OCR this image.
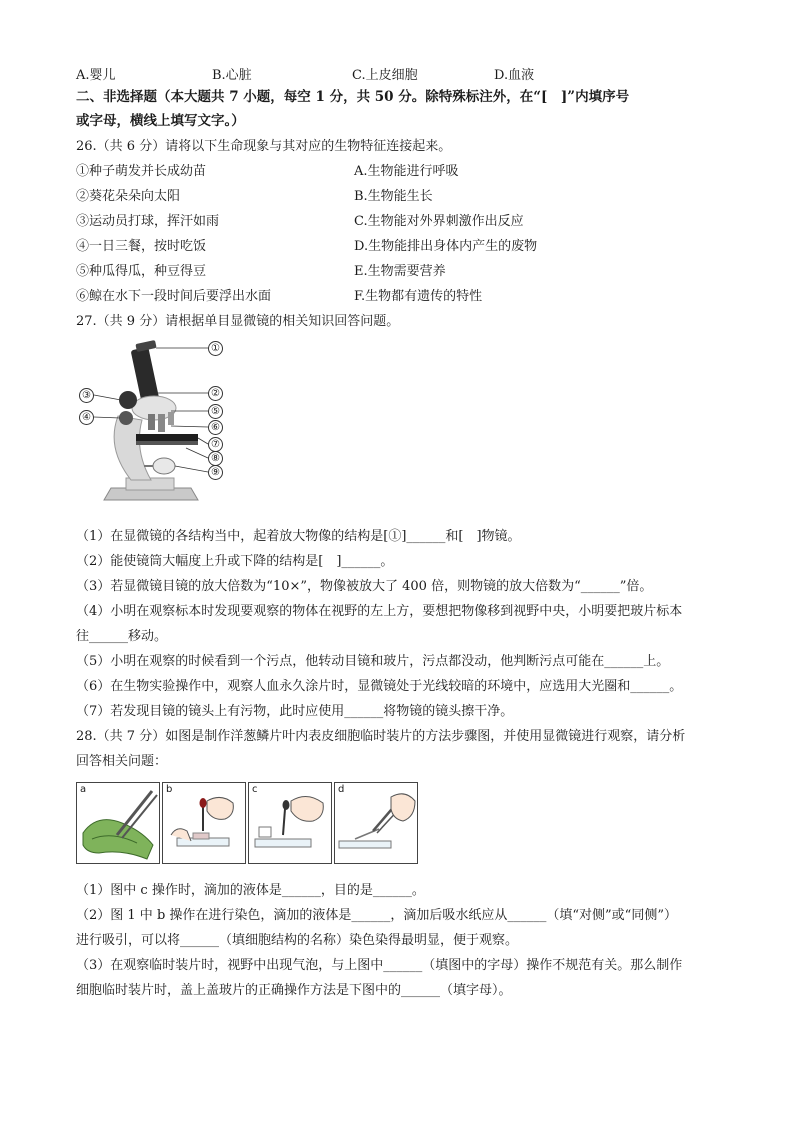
A.婴儿	B.心脏	C.上皮细胞	D.血液
二、非选择题（本大题共 7 小题，每空 1 分，共 50 分。除特殊标注外，在“[　]”内填序号
或字母，横线上填写文字。）
26.（共 6 分）请将以下生命现象与其对应的生物特征连接起来。
①种子萌发并长成幼苗	A.生物能进行呼吸
②葵花朵朵向太阳	B.生物能生长
③运动员打球，挥汗如雨	C.生物能对外界刺激作出反应
④一日三餐，按时吃饭	D.生物能排出身体内产生的废物
⑤种瓜得瓜，种豆得豆	E.生物需要营养
⑥鲸在水下一段时间后要浮出水面	F.生物都有遗传的特性
27.（共 9 分）请根据单目显微镜的相关知识回答问题。
①
②
③
④
⑤
⑥
⑦
⑧
⑨
（1）在显微镜的各结构当中，起着放大物像的结构是[①]______和[　]物镜。
（2）能使镜筒大幅度上升或下降的结构是[　]______。
（3）若显微镜目镜的放大倍数为“10×”，物像被放大了 400 倍，则物镜的放大倍数为“______”倍。
（4）小明在观察标本时发现要观察的物体在视野的左上方，要想把物像移到视野中央，小明要把玻片标本
往______移动。
（5）小明在观察的时候看到一个污点，他转动目镜和玻片，污点都没动，他判断污点可能在______上。
（6）在生物实验操作中，观察人血永久涂片时，显微镜处于光线较暗的环境中，应选用大光圈和______。
（7）若发现目镜的镜头上有污物，此时应使用______将物镜的镜头擦干净。
28.（共 7 分）如图是制作洋葱鳞片叶内表皮细胞临时装片的方法步骤图，并使用显微镜进行观察，请分析
回答相关问题：
a	b	c	d
（1）图中 c 操作时，滴加的液体是______，目的是______。
（2）图 1 中 b 操作在进行染色，滴加的液体是______，滴加后吸水纸应从______（填“对侧”或“同侧”）
进行吸引，可以将______（填细胞结构的名称）染色染得最明显，便于观察。
（3）在观察临时装片时，视野中出现气泡，与上图中______（填图中的字母）操作不规范有关。那么制作
细胞临时装片时，盖上盖玻片的正确操作方法是下图中的______（填字母）。
